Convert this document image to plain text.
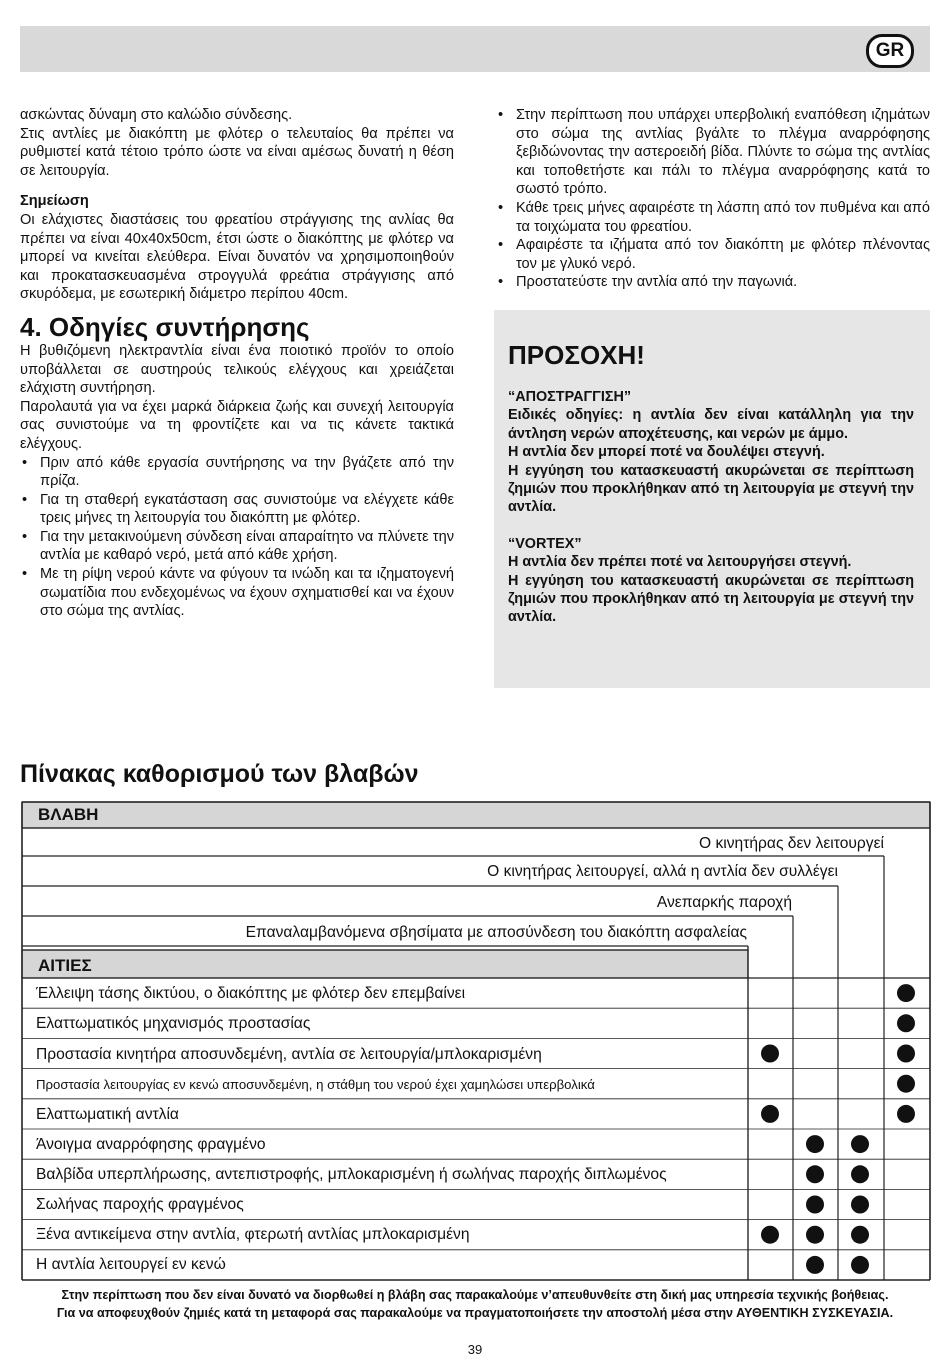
GR

ασκώντας δύναμη στο καλώδιο σύνδεσης.

Στις αντλίες με διακόπτη με φλότερ ο τελευταίος θα πρέπει να ρυθμιστεί κατά τέτοιο τρόπο ώστε να είναι αμέσως δυνατή η θέση σε λειτουργία.

Σημείωση

Οι ελάχιστες διαστάσεις του φρεατίου στράγγισης της ανλίας θα πρέπει να είναι 40x40x50cm, έτσι ώστε ο διακόπτης με φλότερ να μπορεί να κινείται ελεύθερα. Είναι δυνατόν να χρησιμοποιηθούν και προκατασκευασμένα στρογγυλά φρεάτια στράγγισης από σκυρόδεμα, με εσωτερική διάμετρο περίπου 40cm.

4. Οδηγίες συντήρησης

Η βυθιζόμενη ηλεκτραντλία είναι ένα ποιοτικό προϊόν το οποίο υποβάλλεται σε αυστηρούς τελικούς ελέγχους και χρειάζεται ελάχιστη συντήρηση.

Παρολαυτά για να έχει μαρκά διάρκεια ζωής και συνεχή λειτουργία σας συνιστούμε να τη φροντίζετε και να τις κάνετε τακτικά ελέγχους.

• Πριν από κάθε εργασία συντήρησης να την βγάζετε από την πρίζα.
• Για τη σταθερή εγκατάσταση σας συνιστούμε να ελέγχετε κάθε τρεις μήνες τη λειτουργία του διακόπτη με φλότερ.
• Για την μετακινούμενη σύνδεση είναι απαραίτητο να πλύνετε την αντλία με καθαρό νερό, μετά από κάθε χρήση.
• Με τη ρίψη νερού κάντε να φύγουν τα ινώδη και τα ιζηματογενή σωματίδια που ενδεχομένως να έχουν σχηματισθεί και να έχουν στο σώμα της αντλίας.
• Στην περίπτωση που υπάρχει υπερβολική εναπόθεση ιζημάτων στο σώμα της αντλίας βγάλτε το πλέγμα αναρρόφησης ξεβιδώνοντας την αστεροειδή βίδα. Πλύντε το σώμα της αντλίας και τοποθετήστε και πάλι το πλέγμα αναρρόφησης κατά το σωστό τρόπο.
• Κάθε τρεις μήνες αφαιρέστε τη λάσπη από τον πυθμένα και από τα τοιχώματα του φρεατίου.
• Αφαιρέστε τα ιζήματα από τον διακόπτη με φλότερ πλένοντας τον με γλυκό νερό.
• Προστατεύστε την αντλία από την παγωνιά.
ΠΡΟΣΟΧΗ!

“ΑΠΟΣΤΡΑΓΓΙΣΗ”

Ειδικές οδηγίες: η αντλία δεν είναι κατάλληλη για την άντληση νερών αποχέτευσης, και νερών με άμμο.

Η αντλία δεν μπορεί ποτέ να δουλέψει στεγνή.

Η εγγύηση του κατασκευαστή ακυρώνεται σε περίπτωση ζημιών που προκλήθηκαν από τη λειτουργία με στεγνή την αντλία.

“VORTEX”

Η αντλία δεν πρέπει ποτέ να λειτουργήσει στεγνή.

Η εγγύηση του κατασκευαστή ακυρώνεται σε περίπτωση ζημιών που προκλήθηκαν από τη λειτουργία με στεγνή την αντλία.

Πίνακας καθορισμού των βλαβών
ΒΛΑΒΗ
ΑΙΤΙΕΣ
Ο κινητήρας δεν λειτουργεί
Ο κινητήρας λειτουργεί, αλλά η αντλία δεν συλλέγει
Ανεπαρκής παροχή
Επαναλαμβανόμενα σβησίματα με αποσύνδεση του διακόπτη ασφαλείας
Έλλειψη τάσης δικτύου, ο διακόπτης με φλότερ δεν επεμβαίνει
Ελαττωματικός μηχανισμός προστασίας
Προστασία κινητήρα αποσυνδεμένη, αντλία σε λειτουργία/μπλοκαρισμένη
Προστασία λειτουργίας εν κενώ αποσυνδεμένη, η στάθμη του νερού έχει χαμηλώσει υπερβολικά
Ελαττωματική αντλία
Άνοιγμα αναρρόφησης φραγμένο
Βαλβίδα υπερπλήρωσης, αντεπιστροφής, μπλοκαρισμένη ή σωλήνας παροχής διπλωμένος
Σωλήνας παροχής φραγμένος
Ξένα αντικείμενα στην αντλία, φτερωτή αντλίας μπλοκαρισμένη
Η αντλία λειτουργεί εν κενώ
Στην περίπτωση που δεν είναι δυνατό να διορθωθεί η βλάβη σας παρακαλούμε ν’απευθυνθείτε στη δική μας υπηρεσία τεχνικής βοήθειας.
Για να αποφευχθούν ζημιές κατά τη μεταφορά σας παρακαλούμε να πραγματοποιήσετε την αποστολή μέσα στην ΑΥΘΕΝΤΙΚΗ ΣΥΣΚΕΥΑΣΙΑ.
39
